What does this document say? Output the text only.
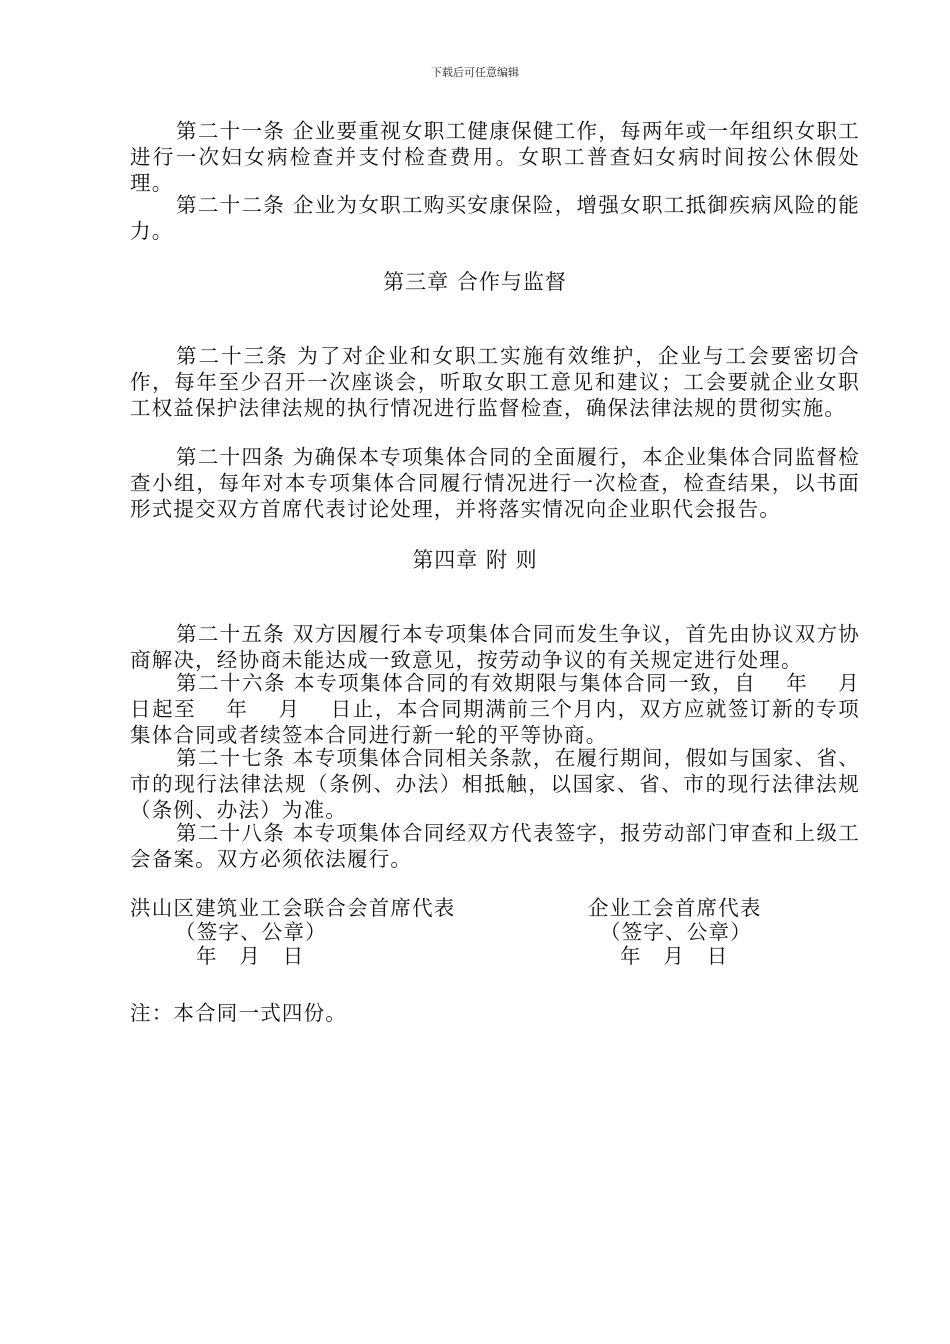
下载后可任意编辑
第二十一条 企业要重视女职工健康保健工作，每两年或一年组织女职工进行一次妇女病检查并支付检查费用。女职工普查妇女病时间按公休假处理。
第二十二条 企业为女职工购买安康保险，增强女职工抵御疾病风险的能力。
第三章 合作与监督
第二十三条 为了对企业和女职工实施有效维护，企业与工会要密切合作，每年至少召开一次座谈会，听取女职工意见和建议；工会要就企业女职工权益保护法律法规的执行情况进行监督检查，确保法律法规的贯彻实施。
第二十四条 为确保本专项集体合同的全面履行，本企业集体合同监督检查小组，每年对本专项集体合同履行情况进行一次检查，检查结果，以书面形式提交双方首席代表讨论处理，并将落实情况向企业职代会报告。
第四章 附 则
第二十五条 双方因履行本专项集体合同而发生争议，首先由协议双方协商解决，经协商未能达成一致意见，按劳动争议的有关规定进行处理。
第二十六条 本专项集体合同的有效期限与集体合同一致，自　 年　 月　 日起至　 年　 月　 日止，本合同期满前三个月内，双方应就签订新的专项集体合同或者续签本合同进行新一轮的平等协商。
第二十七条 本专项集体合同相关条款，在履行期间，假如与国家、省、市的现行法律法规（条例、办法）相抵触，以国家、省、市的现行法律法规（条例、办法）为准。
第二十八条 本专项集体合同经双方代表签字，报劳动部门审查和上级工会备案。双方必须依法履行。
洪山区建筑业工会联合会首席代表
（签字、公章）
年　月　日
企业工会首席代表
（签字、公章）
年　月　日
注：本合同一式四份。
